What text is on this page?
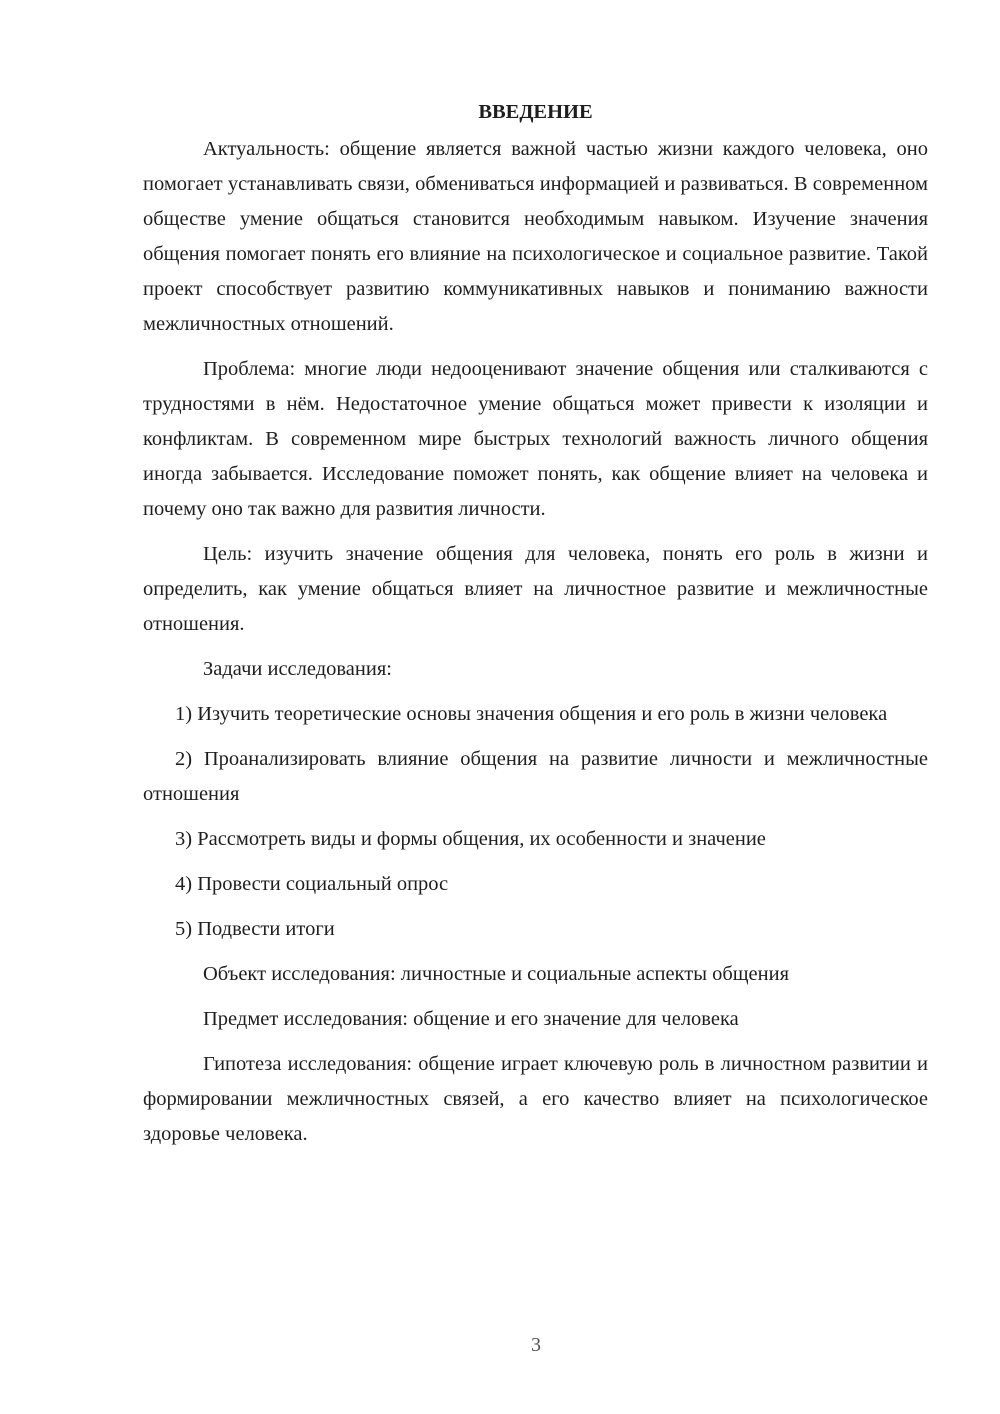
ВВЕДЕНИЕ

Актуальность: общение является важной частью жизни каждого человека, оно помогает устанавливать связи, обмениваться информацией и развиваться. В современном обществе умение общаться становится необходимым навыком. Изучение значения общения помогает понять его влияние на психологическое и социальное развитие. Такой проект способствует развитию коммуникативных навыков и пониманию важности межличностных отношений.

Проблема: многие люди недооценивают значение общения или сталкиваются с трудностями в нём. Недостаточное умение общаться может привести к изоляции и конфликтам. В современном мире быстрых технологий важность личного общения иногда забывается. Исследование поможет понять, как общение влияет на человека и почему оно так важно для развития личности.

Цель: изучить значение общения для человека, понять его роль в жизни и определить, как умение общаться влияет на личностное развитие и межличностные отношения.

Задачи исследования:

1) Изучить теоретические основы значения общения и его роль в жизни человека

2) Проанализировать влияние общения на развитие личности и межличностные отношения

3) Рассмотреть виды и формы общения, их особенности и значение

4) Провести социальный опрос

5) Подвести итоги

Объект исследования: личностные и социальные аспекты общения

Предмет исследования: общение и его значение для человека

Гипотеза исследования: общение играет ключевую роль в личностном развитии и формировании межличностных связей, а его качество влияет на психологическое здоровье человека.

3
